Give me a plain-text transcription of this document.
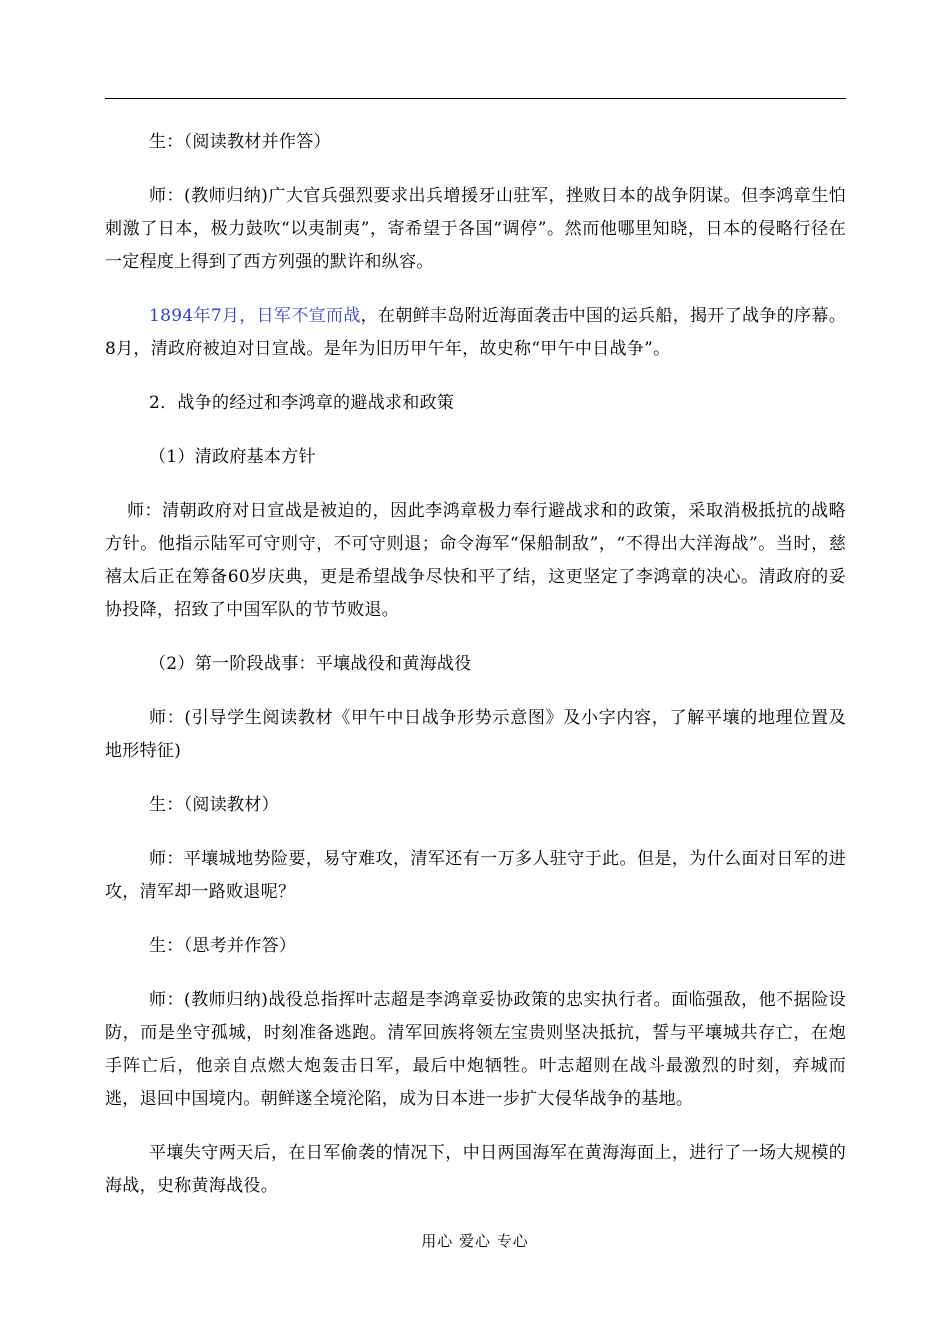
生：（阅读教材并作答）

师：(教师归纳)广大官兵强烈要求出兵增援牙山驻军，挫败日本的战争阴谋。但李鸿章生怕刺激了日本，极力鼓吹“以夷制夷”，寄希望于各国“调停”。然而他哪里知晓，日本的侵略行径在一定程度上得到了西方列强的默许和纵容。

1894年7月，日军不宣而战，在朝鲜丰岛附近海面袭击中国的运兵船，揭开了战争的序幕。8月，清政府被迫对日宣战。是年为旧历甲午年，故史称“甲午中日战争”。

2．战争的经过和李鸿章的避战求和政策

（1）清政府基本方针

师：清朝政府对日宣战是被迫的，因此李鸿章极力奉行避战求和的政策，采取消极抵抗的战略方针。他指示陆军可守则守，不可守则退；命令海军“保船制敌”，“不得出大洋海战”。当时，慈禧太后正在筹备60岁庆典，更是希望战争尽快和平了结，这更坚定了李鸿章的决心。清政府的妥协投降，招致了中国军队的节节败退。

（2）第一阶段战事：平壤战役和黄海战役

师：(引导学生阅读教材《甲午中日战争形势示意图》及小字内容，了解平壤的地理位置及地形特征)

生：（阅读教材）

师：平壤城地势险要，易守难攻，清军还有一万多人驻守于此。但是，为什么面对日军的进攻，清军却一路败退呢？

生：（思考并作答）

师：(教师归纳)战役总指挥叶志超是李鸿章妥协政策的忠实执行者。面临强敌，他不据险设防，而是坐守孤城，时刻准备逃跑。清军回族将领左宝贵则坚决抵抗，誓与平壤城共存亡，在炮手阵亡后，他亲自点燃大炮轰击日军，最后中炮牺牲。叶志超则在战斗最激烈的时刻，弃城而逃，退回中国境内。朝鲜遂全境沦陷，成为日本进一步扩大侵华战争的基地。

平壤失守两天后，在日军偷袭的情况下，中日两国海军在黄海海面上，进行了一场大规模的海战，史称黄海战役。

用心 爱心 专心
